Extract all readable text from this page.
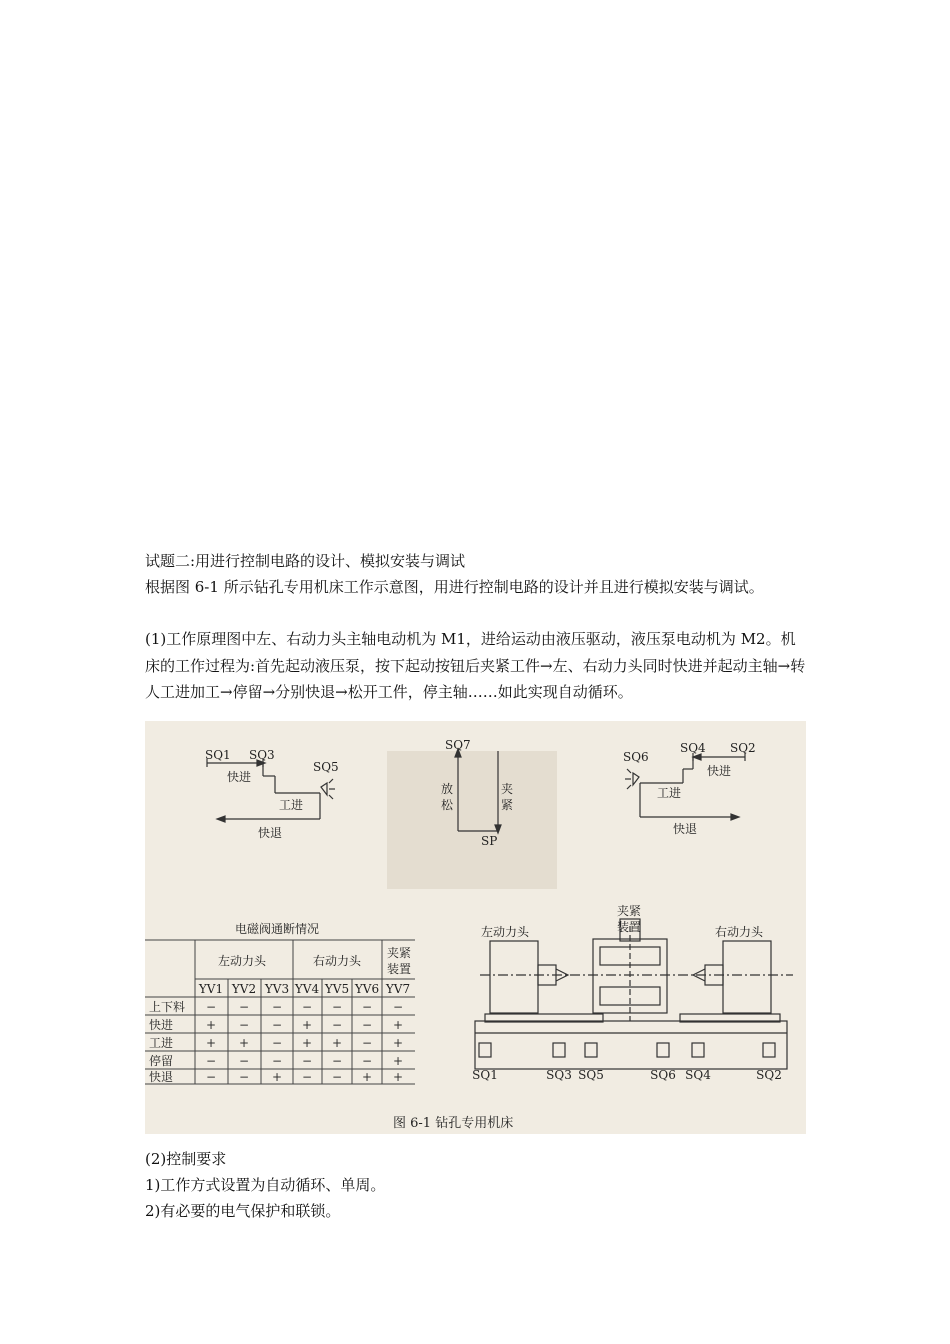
试题二:用进行控制电路的设计、模拟安装与调试

根据图 6-1 所示钻孔专用机床工作示意图，用进行控制电路的设计并且进行模拟安装与调试。

(1)工作原理图中左、右动力头主轴电动机为 M1，进给运动由液压驱动，液压泵电动机为 M2。机床的工作过程为:首先起动液压泵，按下起动按钮后夹紧工件→左、右动力头同时快进并起动主轴→转人工进加工→停留→分别快退→松开工件，停主轴……如此实现自动循环。

SQ1 SQ3
SQ5
快进
工进
快退
SQ7
SP
放
松
夹
紧
SQ6
SQ4 SQ2
快进
工进
快退
电磁阀通断情况
左动力头	右动力头
夹紧
装置
YV1 YV2 YV3 YV4 YV5 YV6 YV7
上下料 − − − − − − −
快进	+ − − + − − +
工进	+ + − + + − +
停留	− − − − − − +
快退	− − + − − + +
左动力头	右动力头
夹紧
装置
SQ1	SQ3 SQ5	SQ6 SQ4	SQ2
图 6-1 钻孔专用机床

(2)控制要求

1)工作方式设置为自动循环、单周。

2)有必要的电气保护和联锁。
